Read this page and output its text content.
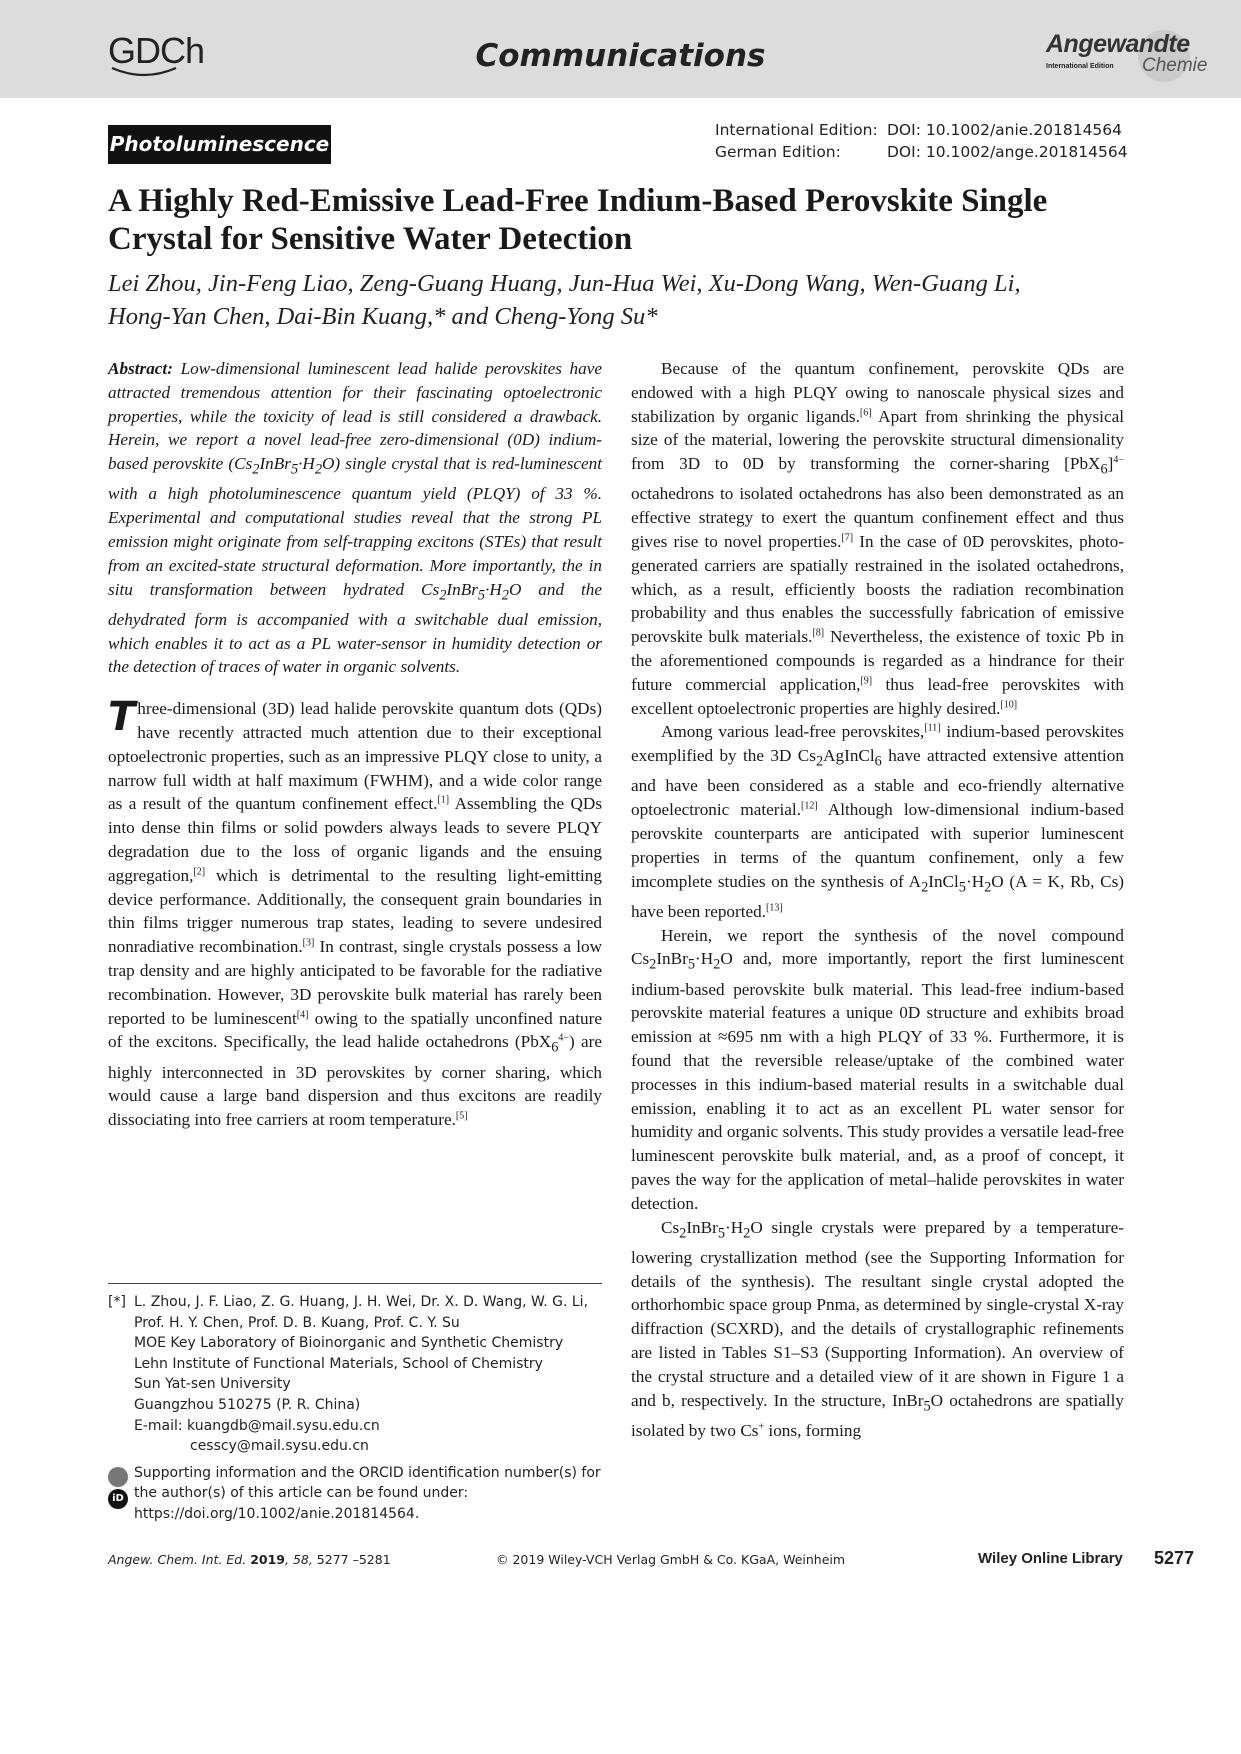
GDCh	Communications	Angewandte
International Edition Chemie
Photoluminescence
International Edition: DOI: 10.1002/anie.201814564
German Edition:	DOI: 10.1002/ange.201814564
A Highly Red-Emissive Lead-Free Indium-Based Perovskite Single
Crystal for Sensitive Water Detection
Lei Zhou, Jin-Feng Liao, Zeng-Guang Huang, Jun-Hua Wei, Xu-Dong Wang, Wen-Guang Li,
Hong-Yan Chen, Dai-Bin Kuang,* and Cheng-Yong Su*

Abstract: Low-dimensional luminescent lead halide perovskites have attracted tremendous attention for their fascinating optoelectronic properties, while the toxicity of lead is still considered a drawback. Herein, we report a novel lead-free zero-dimensional (0D) indium-based perovskite $(Cs_2InBr_5\cdot H_2O)$ single crystal that is red-luminescent with a high photoluminescence quantum yield (PLQY) of 33 %. Experimental and computational studies reveal that the strong PL emission might originate from self-trapping excitons (STEs) that result from an excited-state structural deformation. More importantly, the in situ transformation between hydrated $Cs_2InBr_5\cdot H_2O$ and the dehydrated form is accompanied with a switchable dual emission, which enables it to act as a PL water-sensor in humidity detection or the detection of traces of water in organic solvents.

Three-dimensional (3D) lead halide perovskite quantum dots (QDs) have recently attracted much attention due to their exceptional optoelectronic properties, such as an impressive PLQY close to unity, a narrow full width at half maximum (FWHM), and a wide color range as a result of the quantum confinement effect.[1] Assembling the QDs into dense thin films or solid powders always leads to severe PLQY degradation due to the loss of organic ligands and the ensuing aggregation,[2] which is detrimental to the resulting light-emitting device performance. Additionally, the consequent grain boundaries in thin films trigger numerous trap states, leading to severe undesired nonradiative recombination.[3] In contrast, single crystals possess a low trap density and are highly anticipated to be favorable for the radiative recombination. However, 3D perovskite bulk material has rarely been reported to be luminescent[4] owing to the spatially unconfined nature of the excitons. Specifically, the lead halide octahedrons (PbX$_6^{4-}$) are highly interconnected in 3D perovskites by corner sharing, which would cause a large band dispersion and thus excitons are readily dissociating into free carriers at room temperature.[5]

Because of the quantum confinement, perovskite QDs are endowed with a high PLQY owing to nanoscale physical sizes and stabilization by organic ligands.[6] Apart from shrinking the physical size of the material, lowering the perovskite structural dimensionality from 3D to 0D by transforming the corner-sharing $[PbX_6]^{4-}$ octahedrons to isolated octahedrons has also been demonstrated as an effective strategy to exert the quantum confinement effect and thus gives rise to novel properties.[7] In the case of 0D perovskites, photo-generated carriers are spatially restrained in the isolated octahedrons, which, as a result, efficiently boosts the radiation recombination probability and thus enables the successfully fabrication of emissive perovskite bulk materials.[8] Nevertheless, the existence of toxic Pb in the aforementioned compounds is regarded as a hindrance for their future commercial application,[9] thus lead-free perovskites with excellent optoelectronic properties are highly desired.[10]

Among various lead-free perovskites,[11] indium-based perovskites exemplified by the 3D $Cs_2AgInCl_6$ have attracted extensive attention and have been considered as a stable and eco-friendly alternative optoelectronic material.[12] Although low-dimensional indium-based perovskite counterparts are anticipated with superior luminescent properties in terms of the quantum confinement, only a few imcomplete studies on the synthesis of $A_2InCl_5\cdot H_2O$ (A = K, Rb, Cs) have been reported.[13]

Herein, we report the synthesis of the novel compound $Cs_2InBr_5\cdot H_2O$ and, more importantly, report the first luminescent indium-based perovskite bulk material. This lead-free indium-based perovskite material features a unique 0D structure and exhibits broad emission at ≈695 nm with a high PLQY of 33 %. Furthermore, it is found that the reversible release/uptake of the combined water processes in this indium-based material results in a switchable dual emission, enabling it to act as an excellent PL water sensor for humidity and organic solvents. This study provides a versatile lead-free luminescent perovskite bulk material, and, as a proof of concept, it paves the way for the application of metal–halide perovskites in water detection.

$Cs_2InBr_5\cdot H_2O$ single crystals were prepared by a temperature-lowering crystallization method (see the Supporting Information for details of the synthesis). The resultant single crystal adopted the orthorhombic space group Pnma, as determined by single-crystal X-ray diffraction (SCXRD), and the details of crystallographic refinements are listed in Tables S1–S3 (Supporting Information). An overview of the crystal structure and a detailed view of it are shown in Figure 1 a and b, respectively. In the structure, InBr$_5$O octahedrons are spatially isolated by two Cs+ ions, forming

[*] L. Zhou, J. F. Liao, Z. G. Huang, J. H. Wei, Dr. X. D. Wang, W. G. Li,
Prof. H. Y. Chen, Prof. D. B. Kuang, Prof. C. Y. Su
MOE Key Laboratory of Bioinorganic and Synthetic Chemistry
Lehn Institute of Functional Materials, School of Chemistry
Sun Yat-sen University
Guangzhou 510275 (P. R. China)
E-mail: kuangdb@mail.sysu.edu.cn
cesscy@mail.sysu.edu.cn
iD
Supporting information and the ORCID identification number(s) for
the author(s) of this article can be found under:
https://doi.org/10.1002/anie.201814564.
Angew. Chem. Int. Ed. 2019, 58, 5277 –5281	© 2019 Wiley-VCH Verlag GmbH & Co. KGaA, Weinheim	Wiley Online Library 5277
